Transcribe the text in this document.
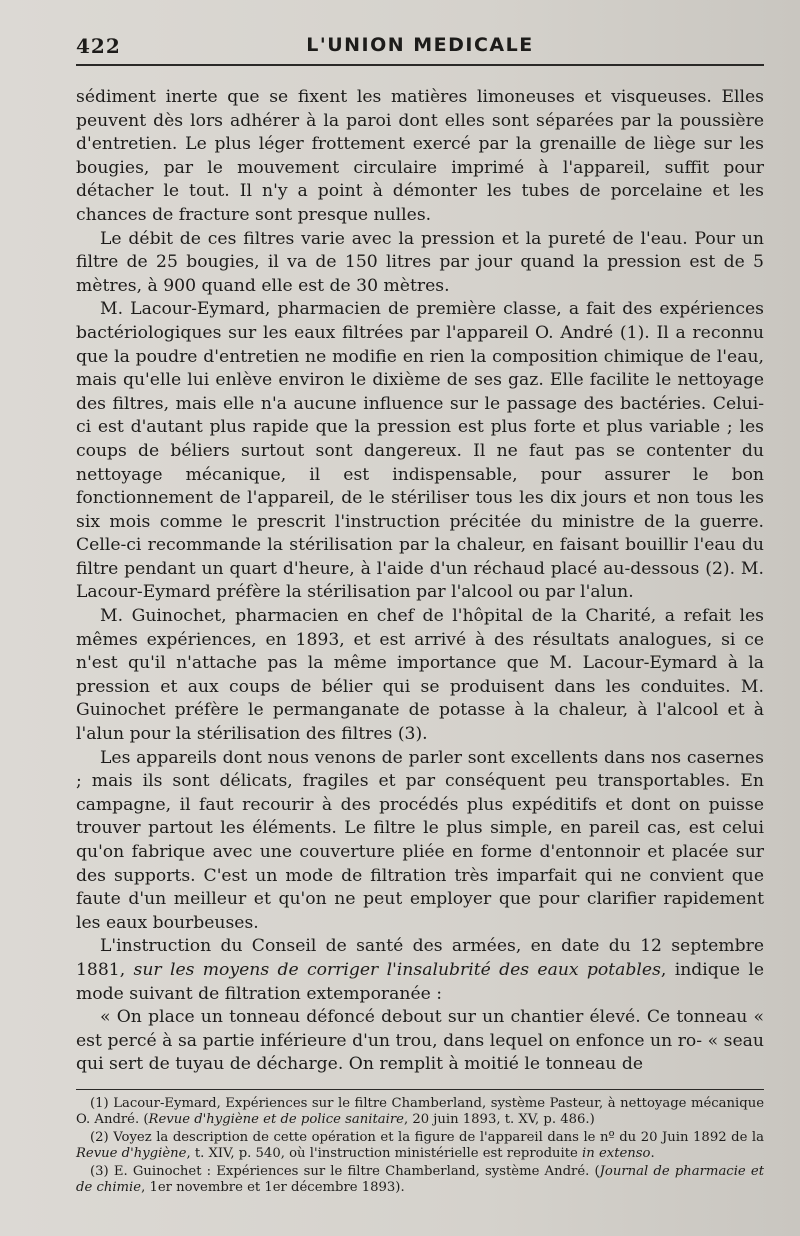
422	L'UNION MEDICALE

sédiment inerte que se fixent les matières limoneuses et visqueuses. Elles peuvent dès lors adhérer à la paroi dont elles sont séparées par la poussière d'entretien. Le plus léger frottement exercé par la grenaille de liège sur les bougies, par le mouvement circulaire imprimé à l'appareil, suffit pour détacher le tout. Il n'y a point à démonter les tubes de porcelaine et les chances de fracture sont presque nulles.

Le débit de ces filtres varie avec la pression et la pureté de l'eau. Pour un filtre de 25 bougies, il va de 150 litres par jour quand la pression est de 5 mètres, à 900 quand elle est de 30 mètres.

M. Lacour-Eymard, pharmacien de première classe, a fait des expériences bactériologiques sur les eaux filtrées par l'appareil O. André (1). Il a reconnu que la poudre d'entretien ne modifie en rien la composition chimique de l'eau, mais qu'elle lui enlève environ le dixième de ses gaz. Elle facilite le nettoyage des filtres, mais elle n'a aucune influence sur le passage des bactéries. Celui-ci est d'autant plus rapide que la pression est plus forte et plus variable ; les coups de béliers surtout sont dangereux. Il ne faut pas se contenter du nettoyage mécanique, il est indispensable, pour assurer le bon fonctionnement de l'appareil, de le stériliser tous les dix jours et non tous les six mois comme le prescrit l'instruction précitée du ministre de la guerre. Celle-ci recommande la stérilisation par la chaleur, en faisant bouillir l'eau du filtre pendant un quart d'heure, à l'aide d'un réchaud placé au-dessous (2). M. Lacour-Eymard préfère la stérilisation par l'alcool ou par l'alun.

M. Guinochet, pharmacien en chef de l'hôpital de la Charité, a refait les mêmes expériences, en 1893, et est arrivé à des résultats analogues, si ce n'est qu'il n'attache pas la même importance que M. Lacour-Eymard à la pression et aux coups de bélier qui se produisent dans les conduites. M. Guinochet préfère le permanganate de potasse à la chaleur, à l'alcool et à l'alun pour la stérilisation des filtres (3).

Les appareils dont nous venons de parler sont excellents dans nos casernes ; mais ils sont délicats, fragiles et par conséquent peu transportables. En campagne, il faut recourir à des procédés plus expéditifs et dont on puisse trouver partout les éléments. Le filtre le plus simple, en pareil cas, est celui qu'on fabrique avec une couverture pliée en forme d'entonnoir et placée sur des supports. C'est un mode de filtration très imparfait qui ne convient que faute d'un meilleur et qu'on ne peut employer que pour clarifier rapidement les eaux bourbeuses.

L'instruction du Conseil de santé des armées, en date du 12 septembre 1881, sur les moyens de corriger l'insalubrité des eaux potables, indique le mode suivant de filtration extemporanée :

« On place un tonneau défoncé debout sur un chantier élevé. Ce tonneau « est percé à sa partie inférieure d'un trou, dans lequel on enfonce un ro- « seau qui sert de tuyau de décharge. On remplit à moitié le tonneau de

(1) Lacour-Eymard, Expériences sur le filtre Chamberland, système Pasteur, à nettoyage mécanique O. André. (Revue d'hygiène et de police sanitaire, 20 juin 1893, t. XV, p. 486.)

(2) Voyez la description de cette opération et la figure de l'appareil dans le nº du 20 Juin 1892 de la Revue d'hygiène, t. XIV, p. 540, où l'instruction ministérielle est reproduite in extenso.

(3) E. Guinochet : Expériences sur le filtre Chamberland, système André. (Journal de pharmacie et de chimie, 1er novembre et 1er décembre 1893).
